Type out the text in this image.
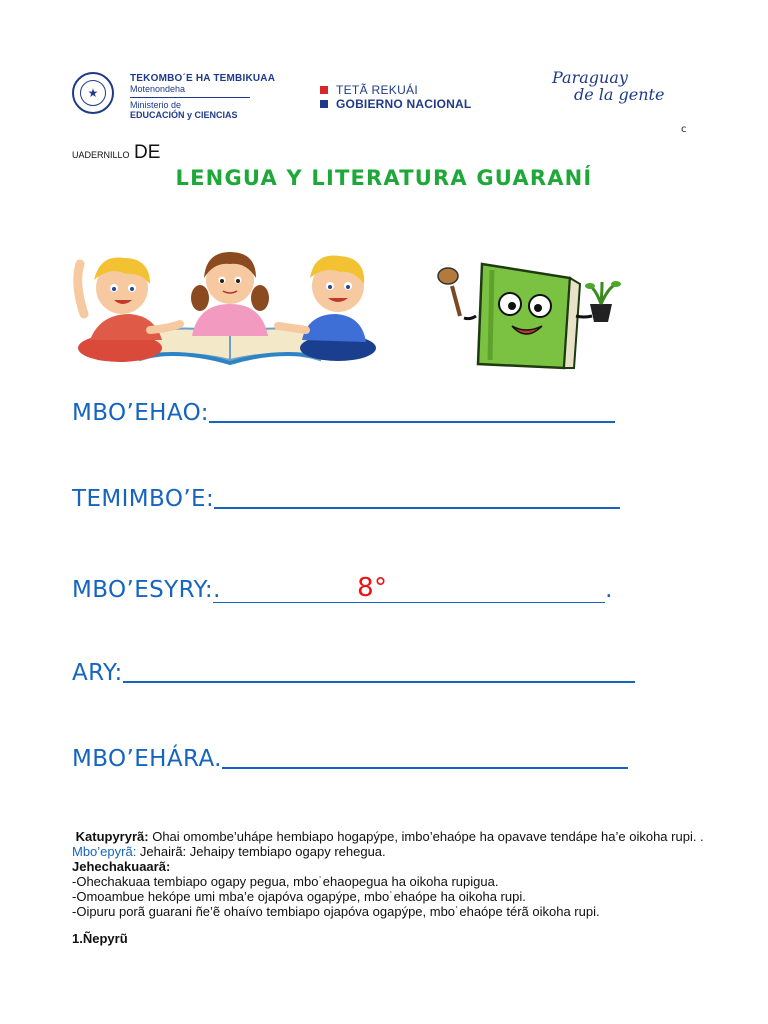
★
TEKOMBO´E HA TEMBIKUAA
Motenondeha
Ministerio de
EDUCACIÓN y CIENCIAS
TETÃ REKUÁI
GOBIERNO NACIONAL
Paraguay
de la gente
c
UADERNILLO DE
LENGUA Y LITERATURA GUARANÍ
MBO’EHAO:
TEMIMBO’E:
MBO’ESYRY: .	8°	.
ARY:
MBO’EHÁRA.

Katupyryrã: Ohai omombe’uhápe hembiapo hogapýpe, imbo’ehaópe ha opavave tendápe ha’e oikoha rupi. .

Mbo’epyrã: Jehairã: Jehaipy tembiapo ogapy rehegua.

Jehechakuaarã:

-Ohechakuaa tembiapo ogapy pegua, mbo˙ehaopegua ha oikoha rupigua.

-Omoambue hekópe umi mba’e ojapóva ogapýpe, mbo˙ehaópe ha oikoha rupi.

-Oipuru porã guarani ñe’ẽ ohaívo tembiapo ojapóva ogapýpe, mbo˙ehaópe térã oikoha rupi.

1.Ñepyrũ
